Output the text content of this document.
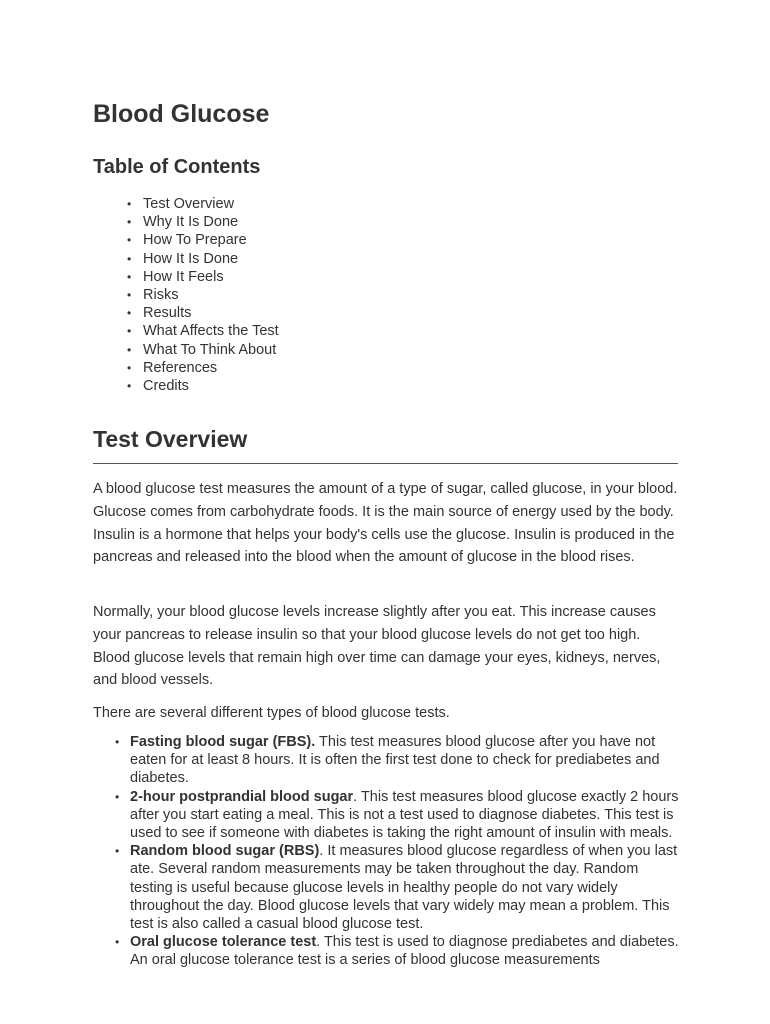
Blood Glucose
Table of Contents
• Test Overview
• Why It Is Done
• How To Prepare
• How It Is Done
• How It Feels
• Risks
• Results
• What Affects the Test
• What To Think About
• References
• Credits
Test Overview

A blood glucose test measures the amount of a type of sugar, called glucose, in your blood. Glucose comes from carbohydrate foods. It is the main source of energy used by the body. Insulin is a hormone that helps your body's cells use the glucose. Insulin is produced in the pancreas and released into the blood when the amount of glucose in the blood rises.

Normally, your blood glucose levels increase slightly after you eat. This increase causes your pancreas to release insulin so that your blood glucose levels do not get too high. Blood glucose levels that remain high over time can damage your eyes, kidneys, nerves, and blood vessels.

There are several different types of blood glucose tests.

• Fasting blood sugar (FBS). This test measures blood glucose after you have not eaten for at least 8 hours. It is often the first test done to check for prediabetes and diabetes.
• 2-hour postprandial blood sugar. This test measures blood glucose exactly 2 hours after you start eating a meal. This is not a test used to diagnose diabetes. This test is used to see if someone with diabetes is taking the right amount of insulin with meals.
• Random blood sugar (RBS). It measures blood glucose regardless of when you last ate. Several random measurements may be taken throughout the day. Random testing is useful because glucose levels in healthy people do not vary widely throughout the day. Blood glucose levels that vary widely may mean a problem. This test is also called a casual blood glucose test.
• Oral glucose tolerance test. This test is used to diagnose prediabetes and diabetes. An oral glucose tolerance test is a series of blood glucose measurements
